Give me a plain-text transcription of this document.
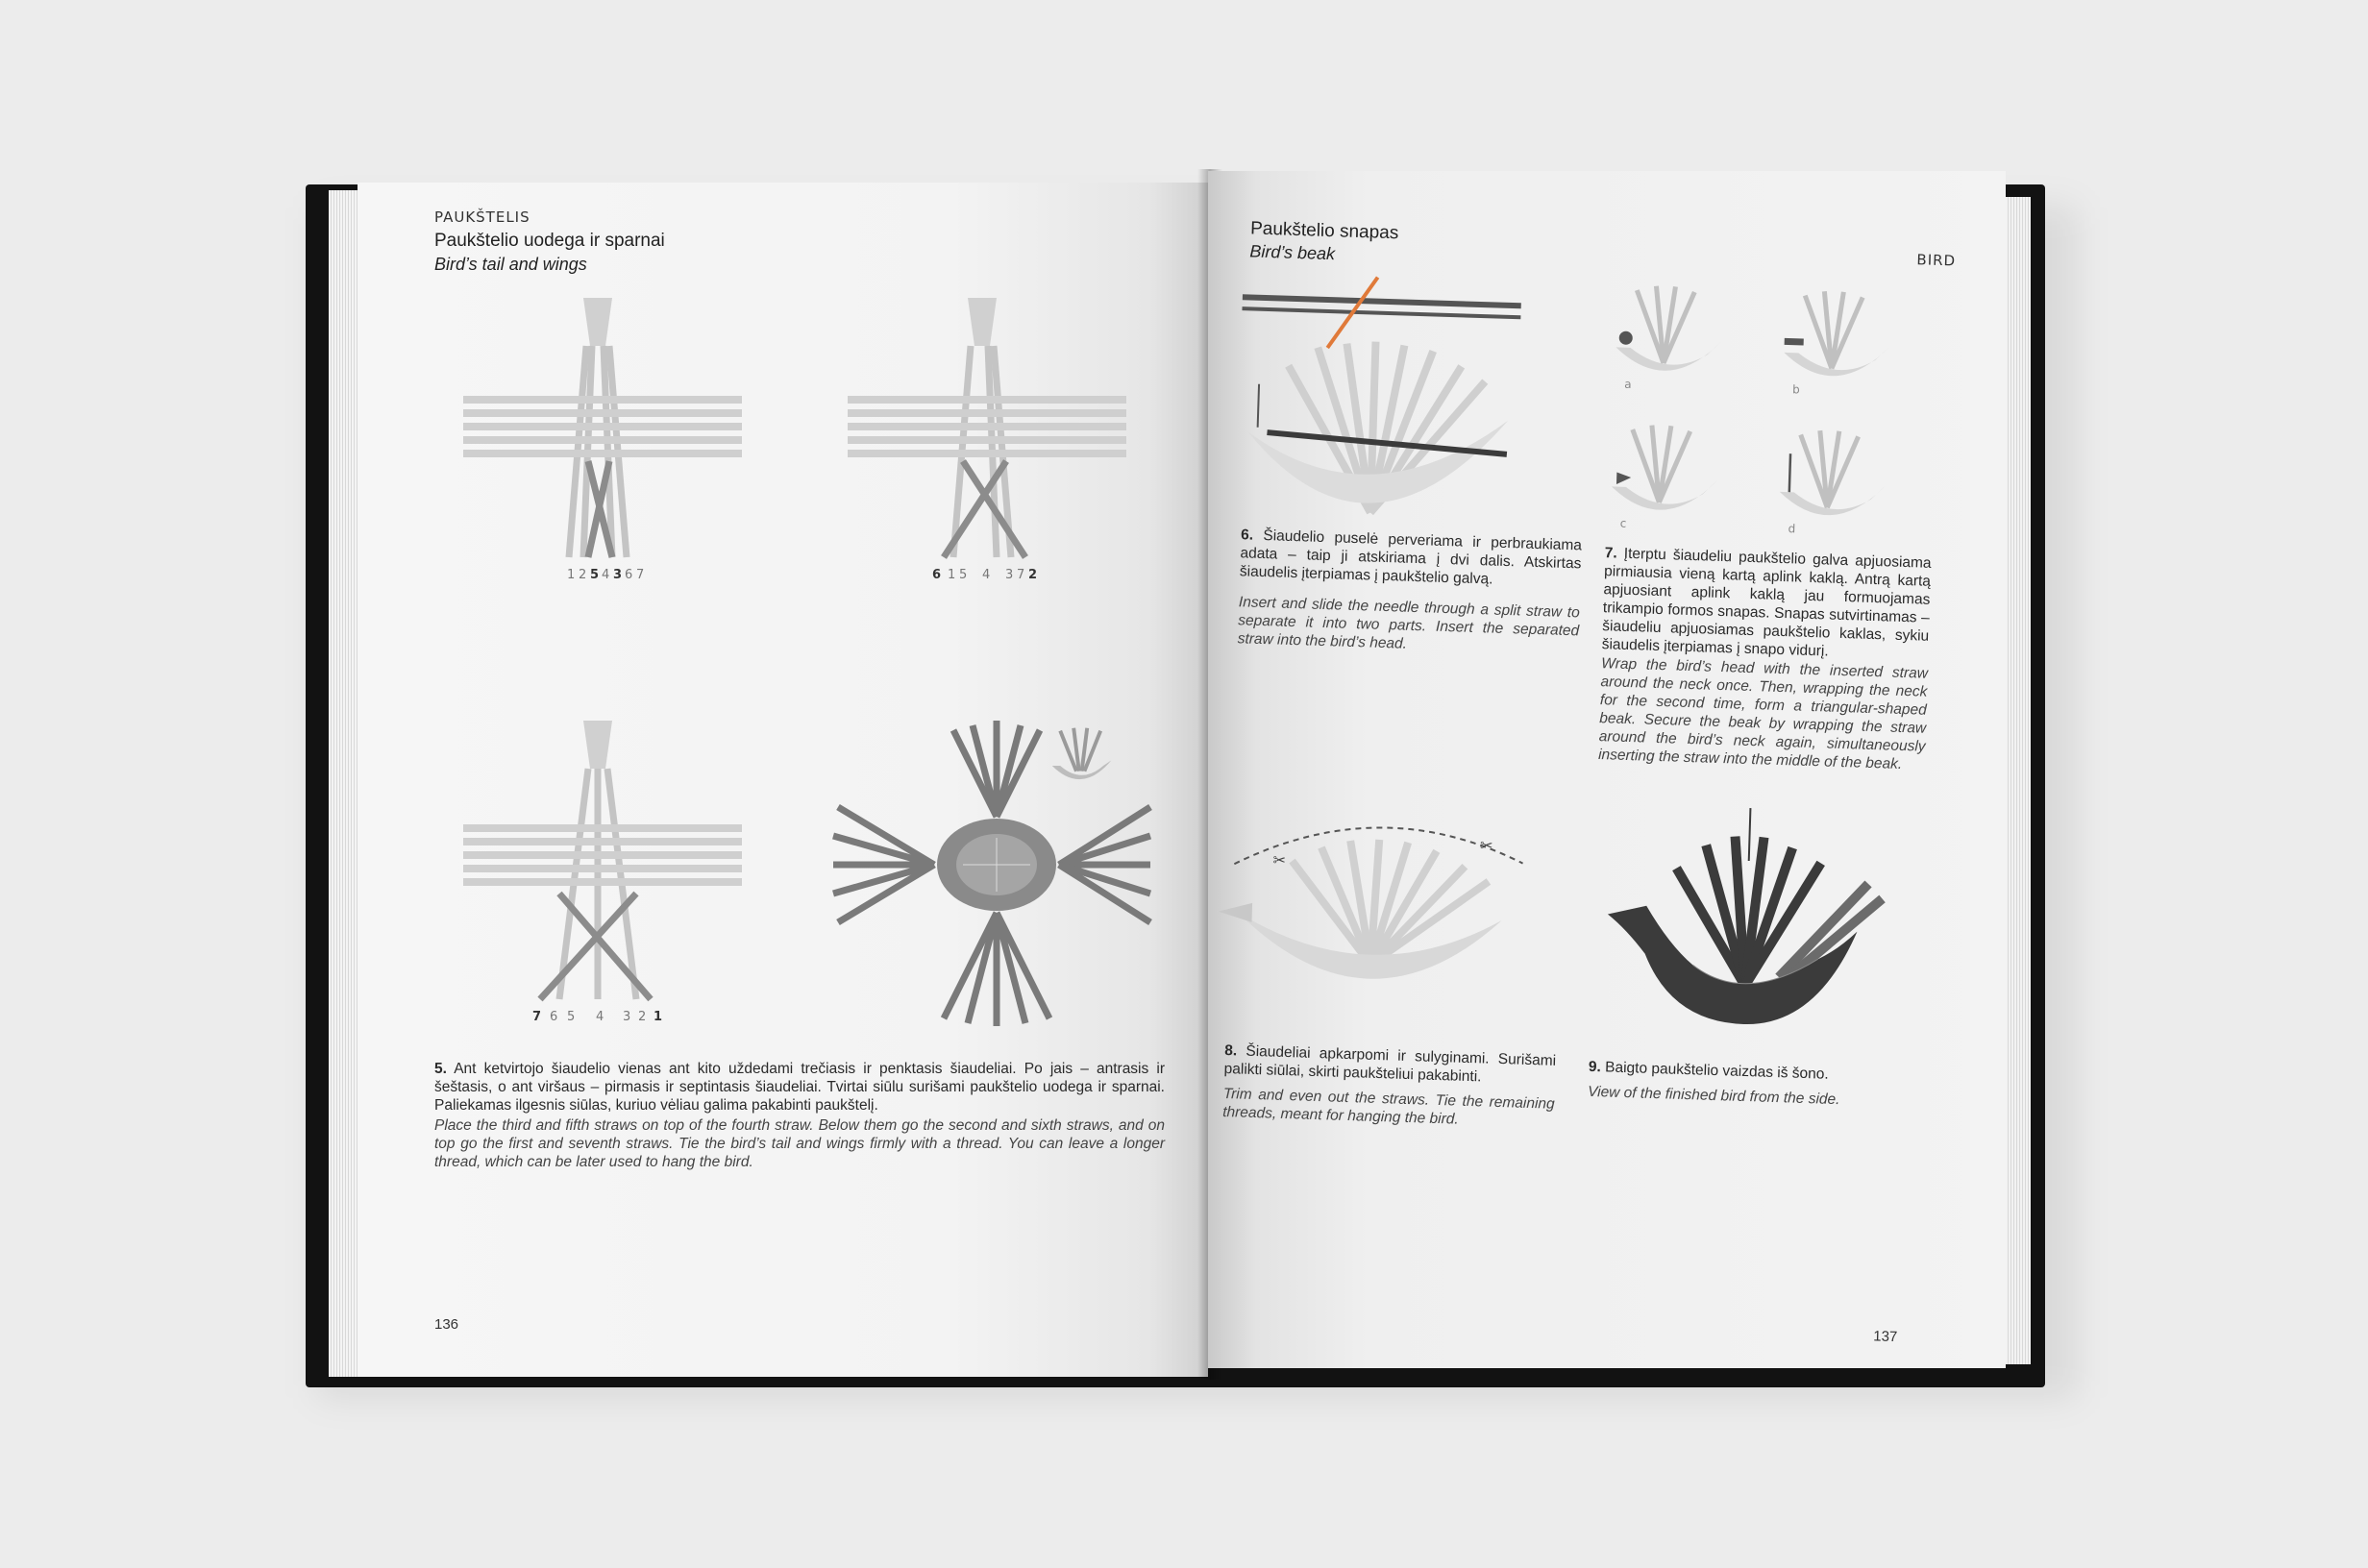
PAUKŠTELIS
Paukštelio uodega ir sparnai
Bird’s tail and wings
1 2 5 4 3 6 7	6 1 5 4 3 7 2
7 6 5 4 3 2 1
5. Ant ketvirtojo šiaudelio vienas ant kito uždedami trečiasis ir penktasis šiaudeliai. Po jais – antrasis ir šeštasis, o ant viršaus – pirmasis ir septintasis šiaudeliai. Tvirtai siūlu surišami paukštelio uodega ir sparnai. Paliekamas ilgesnis siūlas, kuriuo vėliau galima pakabinti paukštelį.
Place the third and fifth straws on top of the fourth straw. Below them go the second and sixth straws, and on top go the first and seventh straws. Tie the bird’s tail and wings firmly with a thread. You can leave a longer thread, which can be later used to hang the bird.
136
Paukštelio snapas
Bird’s beak	BIRD
a	b
c	d
6. Šiaudelio puselė perveriama ir perbraukiama adata – taip ji atskiriama į dvi dalis. Atskirtas šiaudelis įterpiamas į paukštelio galvą.
Insert and slide the needle through a split straw to separate it into two parts. Insert the separated straw into the bird’s head.
7. Įterptu šiaudeliu paukštelio galva apjuosiama pirmiausia vieną kartą aplink kaklą. Antrą kartą apjuosiant aplink kaklą jau formuojamas trikampio formos snapas. Snapas sutvirtinamas – šiaudeliu apjuosiamas paukštelio kaklas, sykiu šiaudelis įterpiamas į snapo vidurį.
Wrap the bird’s head with the inserted straw around the neck once. Then, wrapping the neck for the second time, form a triangular-shaped beak. Secure the beak by wrapping the straw around the bird’s neck again, simultaneously inserting the straw into the middle of the beak.
✂
✂
8. Šiaudeliai apkarpomi ir sulyginami. Surišami palikti siūlai, skirti paukšteliui pakabinti.
Trim and even out the straws. Tie the remaining threads, meant for hanging the bird.
9. Baigto paukštelio vaizdas iš šono.
View of the finished bird from the side.
137
